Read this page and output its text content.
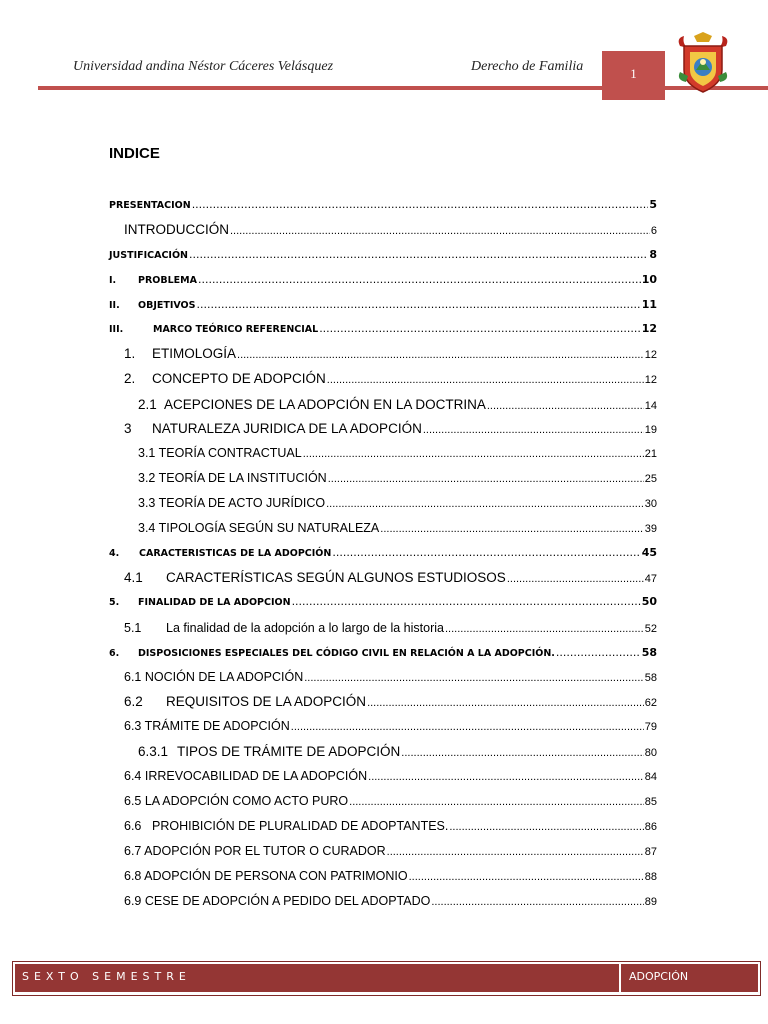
Universidad andina Néstor Cáceres Velásquez	Derecho de Familia	1
INDICE
PRESENTACION .....	5
INTRODUCCIÓN .....	6
JUSTIFICACIÓN .....	8
I.	PROBLEMA .....	10
II.	OBJETIVOS .....	11
III.	MARCO TEÓRICO REFERENCIAL .....	12
1.	ETIMOLOGÍA .....	12
2.	CONCEPTO DE ADOPCIÓN .....	12
2.1 ACEPCIONES DE LA ADOPCIÓN EN LA DOCTRINA .....	14
3	NATURALEZA JURIDICA DE LA ADOPCIÓN .....	19
3.1 TEORÍA CONTRACTUAL .....	21
3.2 TEORÍA DE LA INSTITUCIÓN .....	25
3.3 TEORÍA DE ACTO JURÍDICO .....	30
3.4 TIPOLOGÍA SEGÚN SU NATURALEZA .....	39
4.	CARACTERISTICAS DE LA ADOPCIÓN .....	45
4.1	CARACTERÍSTICAS SEGÚN ALGUNOS ESTUDIOSOS .....	47
5.	FINALIDAD DE LA ADOPCION .....	50
5.1	La finalidad de la adopción a lo largo de la historia .....	52
6.	DISPOSICIONES ESPECIALES DEL CÓDIGO CIVIL EN RELACIÓN A LA ADOPCIÓN. .....	58
6.1 NOCIÓN DE LA ADOPCIÓN .....	58
6.2	REQUISITOS DE LA ADOPCIÓN .....	62
6.3 TRÁMITE DE ADOPCIÓN .....	79
6.3.1 TIPOS DE TRÁMITE DE ADOPCIÓN .....	80
6.4 IRREVOCABILIDAD DE LA ADOPCIÓN .....	84
6.5 LA ADOPCIÓN COMO ACTO PURO .....	85
6.6 PROHIBICIÓN DE PLURALIDAD DE ADOPTANTES. .....	86
6.7 ADOPCIÓN POR EL TUTOR O CURADOR .....	87
6.8 ADOPCIÓN DE PERSONA CON PATRIMONIO .....	88
6.9 CESE DE ADOPCIÓN A PEDIDO DEL ADOPTADO .....	89
SEXTO SEMESTRE	ADOPCIÓN
